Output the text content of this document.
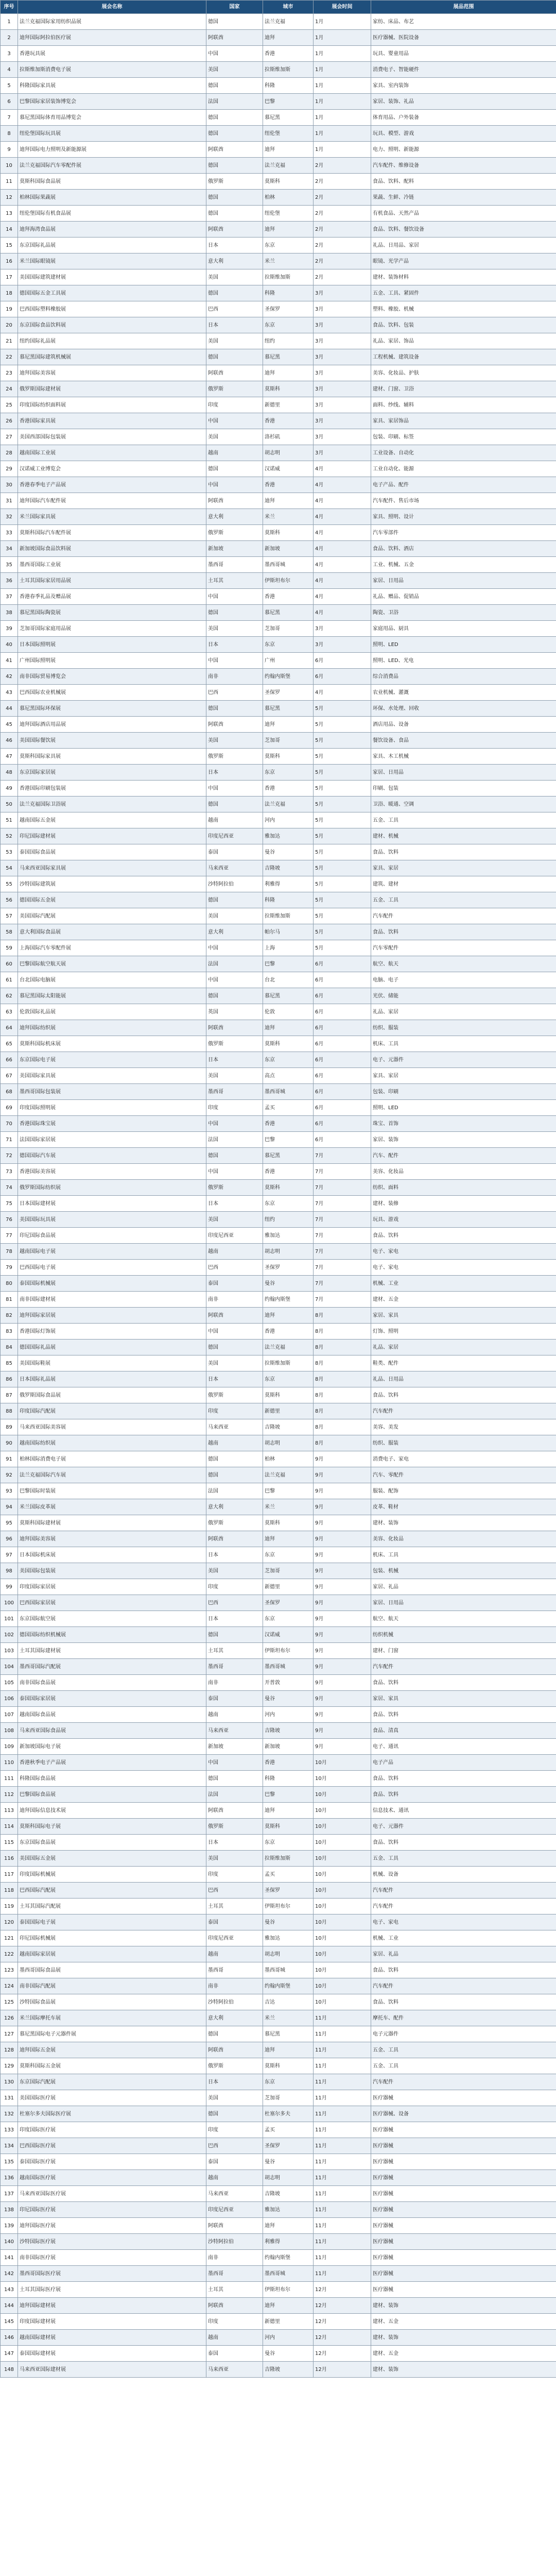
序号	展会名称	国家	城市	展会时间	展品范围
1	法兰克福国际家用纺织品展	德国	法兰克福	1月	家纺、床品、布艺
2	迪拜国际阿拉伯医疗展	阿联酋	迪拜	1月	医疗器械、医院设备
3	香港玩具展	中国	香港	1月	玩具、婴童用品
4	拉斯维加斯消费电子展	美国	拉斯维加斯	1月	消费电子、智能硬件
5	科隆国际家具展	德国	科隆	1月	家具、室内装饰
6	巴黎国际家居装饰博览会	法国	巴黎	1月	家居、装饰、礼品
7	慕尼黑国际体育用品博览会	德国	慕尼黑	1月	体育用品、户外装备
8	纽伦堡国际玩具展	德国	纽伦堡	1月	玩具、模型、游戏
9	迪拜国际电力照明及新能源展	阿联酋	迪拜	1月	电力、照明、新能源
10	法兰克福国际汽车零配件展	德国	法兰克福	2月	汽车配件、维修设备
11	莫斯科国际食品展	俄罗斯	莫斯科	2月	食品、饮料、配料
12	柏林国际果蔬展	德国	柏林	2月	果蔬、生鲜、冷链
13	纽伦堡国际有机食品展	德国	纽伦堡	2月	有机食品、天然产品
14	迪拜海湾食品展	阿联酋	迪拜	2月	食品、饮料、餐饮设备
15	东京国际礼品展	日本	东京	2月	礼品、日用品、家居
16	米兰国际眼镜展	意大利	米兰	2月	眼镜、光学产品
17	美国国际建筑建材展	美国	拉斯维加斯	2月	建材、装饰材料
18	德国国际五金工具展	德国	科隆	3月	五金、工具、紧固件
19	巴西国际塑料橡胶展	巴西	圣保罗	3月	塑料、橡胶、机械
20	东京国际食品饮料展	日本	东京	3月	食品、饮料、包装
21	纽约国际礼品展	美国	纽约	3月	礼品、家居、饰品
22	慕尼黑国际建筑机械展	德国	慕尼黑	3月	工程机械、建筑设备
23	迪拜国际美容展	阿联酋	迪拜	3月	美容、化妆品、护肤
24	俄罗斯国际建材展	俄罗斯	莫斯科	3月	建材、门窗、卫浴
25	印度国际纺织面料展	印度	新德里	3月	面料、纱线、辅料
26	香港国际家具展	中国	香港	3月	家具、家居饰品
27	美国西部国际包装展	美国	洛杉矶	3月	包装、印刷、标签
28	越南国际工业展	越南	胡志明	3月	工业设备、自动化
29	汉诺威工业博览会	德国	汉诺威	4月	工业自动化、能源
30	香港春季电子产品展	中国	香港	4月	电子产品、配件
31	迪拜国际汽车配件展	阿联酋	迪拜	4月	汽车配件、售后市场
32	米兰国际家具展	意大利	米兰	4月	家具、照明、设计
33	莫斯科国际汽车配件展	俄罗斯	莫斯科	4月	汽车零部件
34	新加坡国际食品饮料展	新加坡	新加坡	4月	食品、饮料、酒店
35	墨西哥国际工业展	墨西哥	墨西哥城	4月	工业、机械、五金
36	土耳其国际家居用品展	土耳其	伊斯坦布尔	4月	家居、日用品
37	香港春季礼品及赠品展	中国	香港	4月	礼品、赠品、促销品
38	慕尼黑国际陶瓷展	德国	慕尼黑	4月	陶瓷、卫浴
39	芝加哥国际家庭用品展	美国	芝加哥	3月	家庭用品、厨具
40	日本国际照明展	日本	东京	3月	照明、LED
41	广州国际照明展	中国	广州	6月	照明、LED、光电
42	南非国际贸易博览会	南非	约翰内斯堡	6月	综合消费品
43	巴西国际农业机械展	巴西	圣保罗	4月	农业机械、灌溉
44	慕尼黑国际环保展	德国	慕尼黑	5月	环保、水处理、回收
45	迪拜国际酒店用品展	阿联酋	迪拜	5月	酒店用品、设备
46	美国国际餐饮展	美国	芝加哥	5月	餐饮设备、食品
47	莫斯科国际家具展	俄罗斯	莫斯科	5月	家具、木工机械
48	东京国际家居展	日本	东京	5月	家居、日用品
49	香港国际印刷包装展	中国	香港	5月	印刷、包装
50	法兰克福国际卫浴展	德国	法兰克福	5月	卫浴、暖通、空调
51	越南国际五金展	越南	河内	5月	五金、工具
52	印尼国际建材展	印度尼西亚	雅加达	5月	建材、机械
53	泰国国际食品展	泰国	曼谷	5月	食品、饮料
54	马来西亚国际家具展	马来西亚	吉隆坡	5月	家具、家居
55	沙特国际建筑展	沙特阿拉伯	利雅得	5月	建筑、建材
56	德国国际五金展	德国	科隆	5月	五金、工具
57	美国国际汽配展	美国	拉斯维加斯	5月	汽车配件
58	意大利国际食品展	意大利	帕尔马	5月	食品、饮料
59	上海国际汽车零配件展	中国	上海	5月	汽车零配件
60	巴黎国际航空航天展	法国	巴黎	6月	航空、航天
61	台北国际电脑展	中国	台北	6月	电脑、电子
62	慕尼黑国际太阳能展	德国	慕尼黑	6月	光伏、储能
63	伦敦国际礼品展	英国	伦敦	6月	礼品、家居
64	迪拜国际纺织展	阿联酋	迪拜	6月	纺织、服装
65	莫斯科国际机床展	俄罗斯	莫斯科	6月	机床、工具
66	东京国际电子展	日本	东京	6月	电子、元器件
67	美国国际家具展	美国	高点	6月	家具、家居
68	墨西哥国际包装展	墨西哥	墨西哥城	6月	包装、印刷
69	印度国际照明展	印度	孟买	6月	照明、LED
70	香港国际珠宝展	中国	香港	6月	珠宝、首饰
71	法国国际家居展	法国	巴黎	6月	家居、装饰
72	德国国际汽车展	德国	慕尼黑	7月	汽车、配件
73	香港国际美容展	中国	香港	7月	美容、化妆品
74	俄罗斯国际纺织展	俄罗斯	莫斯科	7月	纺织、面料
75	日本国际建材展	日本	东京	7月	建材、装修
76	美国国际玩具展	美国	纽约	7月	玩具、游戏
77	印尼国际食品展	印度尼西亚	雅加达	7月	食品、饮料
78	越南国际电子展	越南	胡志明	7月	电子、家电
79	巴西国际电子展	巴西	圣保罗	7月	电子、家电
80	泰国国际机械展	泰国	曼谷	7月	机械、工业
81	南非国际建材展	南非	约翰内斯堡	7月	建材、五金
82	迪拜国际家居展	阿联酋	迪拜	8月	家居、家具
83	香港国际灯饰展	中国	香港	8月	灯饰、照明
84	德国国际礼品展	德国	法兰克福	8月	礼品、家居
85	美国国际鞋展	美国	拉斯维加斯	8月	鞋类、配件
86	日本国际礼品展	日本	东京	8月	礼品、日用品
87	俄罗斯国际食品展	俄罗斯	莫斯科	8月	食品、饮料
88	印度国际汽配展	印度	新德里	8月	汽车配件
89	马来西亚国际美容展	马来西亚	吉隆坡	8月	美容、美发
90	越南国际纺织展	越南	胡志明	8月	纺织、服装
91	柏林国际消费电子展	德国	柏林	9月	消费电子、家电
92	法兰克福国际汽车展	德国	法兰克福	9月	汽车、零配件
93	巴黎国际时装展	法国	巴黎	9月	服装、配饰
94	米兰国际皮革展	意大利	米兰	9月	皮革、鞋材
95	莫斯科国际建材展	俄罗斯	莫斯科	9月	建材、装饰
96	迪拜国际美容展	阿联酋	迪拜	9月	美容、化妆品
97	日本国际机床展	日本	东京	9月	机床、工具
98	美国国际包装展	美国	芝加哥	9月	包装、机械
99	印度国际家居展	印度	新德里	9月	家居、礼品
100	巴西国际家居展	巴西	圣保罗	9月	家居、日用品
101	东京国际航空展	日本	东京	9月	航空、航天
102	德国国际纺织机械展	德国	汉诺威	9月	纺织机械
103	土耳其国际建材展	土耳其	伊斯坦布尔	9月	建材、门窗
104	墨西哥国际汽配展	墨西哥	墨西哥城	9月	汽车配件
105	南非国际食品展	南非	开普敦	9月	食品、饮料
106	泰国国际家居展	泰国	曼谷	9月	家居、家具
107	越南国际食品展	越南	河内	9月	食品、饮料
108	马来西亚国际食品展	马来西亚	吉隆坡	9月	食品、清真
109	新加坡国际电子展	新加坡	新加坡	9月	电子、通讯
110	香港秋季电子产品展	中国	香港	10月	电子产品
111	科隆国际食品展	德国	科隆	10月	食品、饮料
112	巴黎国际食品展	法国	巴黎	10月	食品、饮料
113	迪拜国际信息技术展	阿联酋	迪拜	10月	信息技术、通讯
114	莫斯科国际电子展	俄罗斯	莫斯科	10月	电子、元器件
115	东京国际食品展	日本	东京	10月	食品、饮料
116	美国国际五金展	美国	拉斯维加斯	10月	五金、工具
117	印度国际机械展	印度	孟买	10月	机械、设备
118	巴西国际汽配展	巴西	圣保罗	10月	汽车配件
119	土耳其国际汽配展	土耳其	伊斯坦布尔	10月	汽车配件
120	泰国国际电子展	泰国	曼谷	10月	电子、家电
121	印尼国际机械展	印度尼西亚	雅加达	10月	机械、工业
122	越南国际家居展	越南	胡志明	10月	家居、礼品
123	墨西哥国际食品展	墨西哥	墨西哥城	10月	食品、饮料
124	南非国际汽配展	南非	约翰内斯堡	10月	汽车配件
125	沙特国际食品展	沙特阿拉伯	吉达	10月	食品、饮料
126	米兰国际摩托车展	意大利	米兰	11月	摩托车、配件
127	慕尼黑国际电子元器件展	德国	慕尼黑	11月	电子元器件
128	迪拜国际五金展	阿联酋	迪拜	11月	五金、工具
129	莫斯科国际五金展	俄罗斯	莫斯科	11月	五金、工具
130	东京国际汽配展	日本	东京	11月	汽车配件
131	美国国际医疗展	美国	芝加哥	11月	医疗器械
132	杜塞尔多夫国际医疗展	德国	杜塞尔多夫	11月	医疗器械、设备
133	印度国际医疗展	印度	孟买	11月	医疗器械
134	巴西国际医疗展	巴西	圣保罗	11月	医疗器械
135	泰国国际医疗展	泰国	曼谷	11月	医疗器械
136	越南国际医疗展	越南	胡志明	11月	医疗器械
137	马来西亚国际医疗展	马来西亚	吉隆坡	11月	医疗器械
138	印尼国际医疗展	印度尼西亚	雅加达	11月	医疗器械
139	迪拜国际医疗展	阿联酋	迪拜	11月	医疗器械
140	沙特国际医疗展	沙特阿拉伯	利雅得	11月	医疗器械
141	南非国际医疗展	南非	约翰内斯堡	11月	医疗器械
142	墨西哥国际医疗展	墨西哥	墨西哥城	11月	医疗器械
143	土耳其国际医疗展	土耳其	伊斯坦布尔	12月	医疗器械
144	迪拜国际建材展	阿联酋	迪拜	12月	建材、装饰
145	印度国际建材展	印度	新德里	12月	建材、五金
146	越南国际建材展	越南	河内	12月	建材、装饰
147	泰国国际建材展	泰国	曼谷	12月	建材、五金
148	马来西亚国际建材展	马来西亚	吉隆坡	12月	建材、装饰
